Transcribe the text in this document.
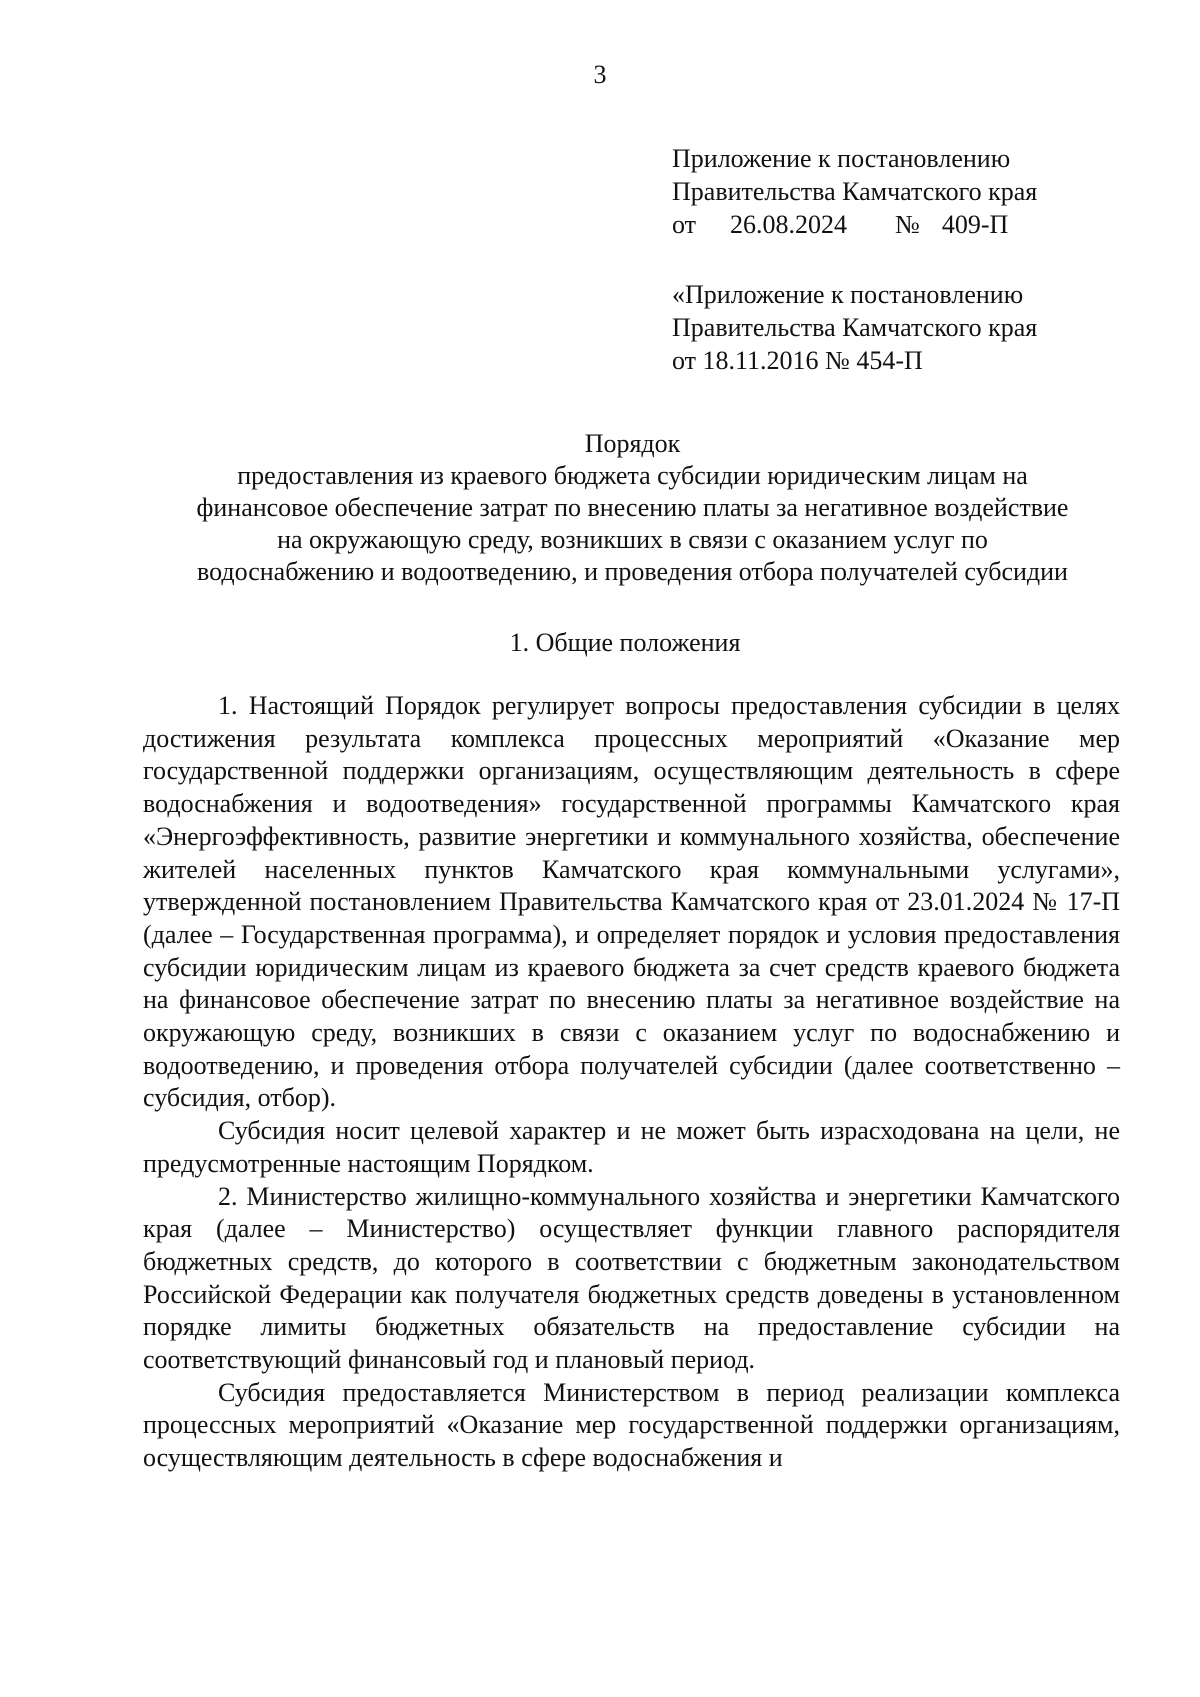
3
Приложение к постановлению
Правительства Камчатского края
от 26.08.2024 № 409-П
«Приложение к постановлению
Правительства Камчатского края
от 18.11.2016 № 454-П
Порядок
предоставления из краевого бюджета субсидии юридическим лицам на
финансовое обеспечение затрат по внесению платы за негативное воздействие
на окружающую среду, возникших в связи с оказанием услуг по
водоснабжению и водоотведению, и проведения отбора получателей субсидии
1. Общие положения

1. Настоящий Порядок регулирует вопросы предоставления субсидии в целях достижения результата комплекса процессных мероприятий «Оказание мер государственной поддержки организациям, осуществляющим деятельность в сфере водоснабжения и водоотведения» государственной программы Камчатского края «Энергоэффективность, развитие энергетики и коммунального хозяйства, обеспечение жителей населенных пунктов Камчатского края коммунальными услугами», утвержденной постановлением Правительства Камчатского края от 23.01.2024 № 17-П (далее – Государственная программа), и определяет порядок и условия предоставления субсидии юридическим лицам из краевого бюджета за счет средств краевого бюджета на финансовое обеспечение затрат по внесению платы за негативное воздействие на окружающую среду, возникших в связи с оказанием услуг по водоснабжению и водоотведению, и проведения отбора получателей субсидии (далее соответственно – субсидия, отбор).

Субсидия носит целевой характер и не может быть израсходована на цели, не предусмотренные настоящим Порядком.

2. Министерство жилищно-коммунального хозяйства и энергетики Камчатского края (далее – Министерство) осуществляет функции главного распорядителя бюджетных средств, до которого в соответствии с бюджетным законодательством Российской Федерации как получателя бюджетных средств доведены в установленном порядке лимиты бюджетных обязательств на предоставление субсидии на соответствующий финансовый год и плановый период.

Субсидия предоставляется Министерством в период реализации комплекса процессных мероприятий «Оказание мер государственной поддержки организациям, осуществляющим деятельность в сфере водоснабжения и
